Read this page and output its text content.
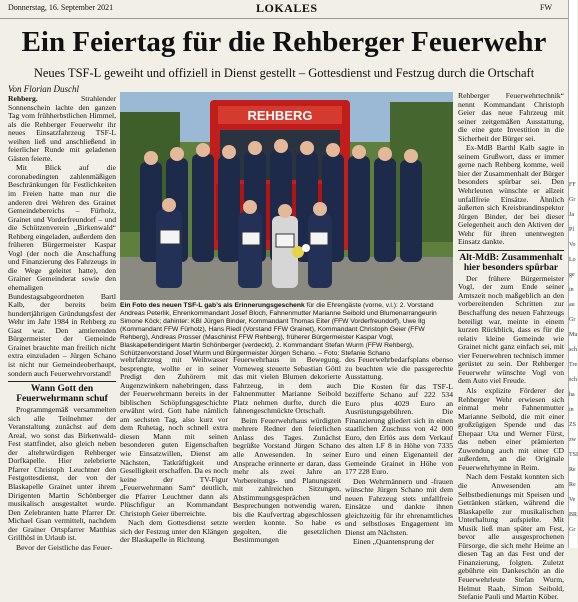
Donnerstag, 16. September 2021	LOKALES	FW
Ein Feiertag für die Rehberger Feuerwehr
Neues TSF-L geweiht und offiziell in Dienst gestellt – Gottesdienst und Festzug durch die Ortschaft
Von Florian Duschl

Rehberg. Strahlender Sonnenschein lachte den ganzen Tag vom frühherbstlichen Himmel, als die Rehberger Feuerwehr ihr neues Einsatzfahrzeug TSF-L weihen ließ und anschließend in feierlicher Runde mit geladenen Gästen feierte.

Mit Blick auf die coronabedingten zahlenmäßigen Beschränkungen für Festlichkeiten im Freien hatte man nur die anderen drei Wehren des Grainet Gemeindebereichs – Fürholz, Grainet und Vorderfreundorf – und die Schützenverein „Birkenwald“ Rehberg eingeladen, außerdem den früheren Bürgermeister Kaspar Vogl (der noch die Anschaffung und Finanzierung des Fahrzeugs in die Wege geleitet hatte), den Grainer Gemeinderat sowie den ehemaligen Bundestagsabgeordneten Bartl Kalb, der bereits beim hundertjährigen Gründungsfest der Wehr im Jahr 1984 in Rehberg zu Gast war. Den amtierenden Bürgermeister der Gemeinde Grainet brauchte man freilich nicht extra einzuladen – Jürgen Schano ist nicht nur Gemeindeoberhaupt, sondern auch Feuerwehrvorstand!

Wann Gott den Feuerwehrmann schuf

Programmgemäß versammelten sich alle Teilnehmer der Veranstaltung zunächst auf dem Areal, wo sonst das Birkenwald-Fest stattfindet, also gleich neben der altehrwürdigen Rehberger Dorfkapelle. Hier zelebrierte Pfarrer Christoph Leuchtner den Festgottesdienst, der von der Blaskapelle Grainet unter ihrem Dirigenten Martin Schönberger musikalisch ausgestaltet wurde. Den Zelebranten hatte Pfarrer Dr. Michael Gsan vermittelt, nachdem der Grainer Ortspfarrer Matthias Grillhösl in Urlaub ist.

Bevor der Geistliche das Feuer-

REHBERG
Ein Foto des neuen TSF-L gab’s als Erinnerungsgeschenk für die Ehrengäste (vorne, v.l.): 2. Vorstand Andreas Peterlik, Ehrenkommandant Josef Bloch, Fahnenmutter Marianne Seibold und Blumenarrangeurin Simone Köck; dahinter: KBI Jürgen Binder, Kommandant Thomas Eiter (FFW Vorderfreundorf), Uwe Ilg (Kommandant FFW Fürholz), Hans Riedl (Vorstand FFW Grainet), Kommandant Christoph Geier (FFW Rehberg), Andreas Prosser (Maschinist FFW Rehberg), früherer Bürgermeister Kaspar Vogl, Blaskapellendirigent Martin Schönberger (verdeckt), 2. Kommandant Stefan Wurm (FFW Rehberg), Schützenvorstand Josef Wurm und Bürgermeister Jürgen Schano. – Foto: Stefanie Schano

wehrfahrzeug mit Weihwasser besprengte, wollte er in seiner Predigt den Zuhörern mit Augenzwinkern nahebringen, dass der Feuerwehrmann bereits in der biblischen Schöpfungsgeschichte erwähnt wird. Gott habe nämlich am sechsten Tag, also kurz vor dem Ruhetag, noch schnell extra diesen Mann mit seinen besonderen guten Eigenschaften wie Einsatzwillen, Dienst am Nächsten, Tatkräftigkeit und Geselligkeit erschaffen. Da es noch keine der TV-Figur „Feuerwehrmann Sam“ deutlich, die Pfarrer Leuchtner dann als Plüschfigur an Kommandant Christoph Geier überreichte.

Nach dem Gottesdienst setzte sich der Festzug unter den Klängen der Blaskapelle in Richtung

Feuerwehrhaus in Bewegung. Vorneweg steuerte Sebastian Göttl das mit vielen Blumen dekorierte Fahrzeug, in dem auch Fahnenmutter Marianne Seibold Platz nehmen durfte, durch die fahnengeschmückte Ortschaft.

Beim Feuerwehrhaus würdigten mehrere Redner den feierlichen Anlass des Tages. Zunächst begrüßte Vorstand Jürgen Schano alle Anwesenden. In seiner Ansprache erinnerte er daran, dass mehr als zwei Jahre an Vorbereitungs- und Planungszeit mit zahlreichen Sitzungen, Abstimmungsgesprächen und Besprechungen notwendig waren, bis die Kaufvertrag abgeschlossen werden konnte. So habe es gegolten, die gesetzlichen Bestimmungen

des Feuerwehrbedarfsplans ebenso zu beachten wie die passgerechte Ausstattung.

Die Kosten für das TSF-L bezifferte Schano auf 222 534 Euro plus 4029 Euro an Ausrüstungsgebühren. Die Finanzierung gliedert sich in einen staatlichen Zuschuss von 42 000 Euro, den Erlös aus dem Verkauf des alten LF 8 in Höhe von 7335 Euro und einen Eigenanteil der Gemeinde Grainet in Höhe von 177 228 Euro.

Den Wehrmännern und -frauen wünschte Jürgen Schano mit dem neuen Fahrzeug stets unfallfreie Einsätze und dankte ihnen gleichzeitig für ihr ehrenamtliches und selbstloses Engagement im Dienst am Nächsten.

Einen „Quantensprung der

Rehberger Feuerwehrtechnik“ nennt Kommandant Christoph Geier das neue Fahrzeug mit seiner zeitgemäßen Ausstattung, die eine gute Investition in die Sicherheit der Bürger sei.

Ex-MdB Barthl Kalb sagte in seinem Grußwort, dass er immer gerne nach Rehberg komme, weil hier der Zusammenhalt der Bürger besonders spürbar sei. Den Wehrleuten wünschte er allzeit unfallfreie Einsätze. Ähnlich äußerten sich Kreisbrandinspektor Jürgen Binder, der bei dieser Gelegenheit auch den Aktiven der Wehr für ihren unentwegten Einsatz dankte.

Alt-MdB: Zusammenhalt hier besonders spürbar

Der frühere Bürgermeister Vogl, der zum Ende seiner Amtszeit noch maßgeblich an den vorbereitenden Schritten zur Beschaffung des neuen Fahrzeugs beteiligt war, meinte in einem kurzen Rückblick, dass es für die relativ kleine Gemeinde wie Grainet nicht ganz einfach sei, mit vier Feuerwehren technisch immer gerüstet zu sein. Der Rehberger Feuerwehr wünschte Vogl von dem Auto viel Freude.

Als explizite Förderer der Rehberger Wehr erwiesen sich einmal mehr Fahnenmutter Marianne Seibold, die mit einer großzügigen Spende und das Ehepaar Uta und Werner Fürst, das neben einer prämierten Zuwendung auch mit einer CD außerdem, an die Originale Feuerwehrhymne in Reim.

Nach dem Festakt konnten sich die Anwesenden am Selbstbedienungs mit Speisen und Getränken stärken, während die Blaskapelle zur musikalischen Unterhaltung aufspielte. Mit Musik ließ man später am Fest, bevor alle ausgesprochenen Fürsorge, die sich mehr Heime an diesen Tag an das Fest und der Finanzierung, folgten. Zuletzt gebührte ein Dankeschön an die Feuerwehrleute Stefan Wurm, Helmut Raab, Simon Seibold, Stefanie Pauli und Martin Köber.

FF
Gr
Ja
Pl
Vo
Lo
ge
in
au
Gr
Mu
sch
Tre
sch
ha
in
ZS
zw
TSI
Re
Re
Ve
BR
Gr
